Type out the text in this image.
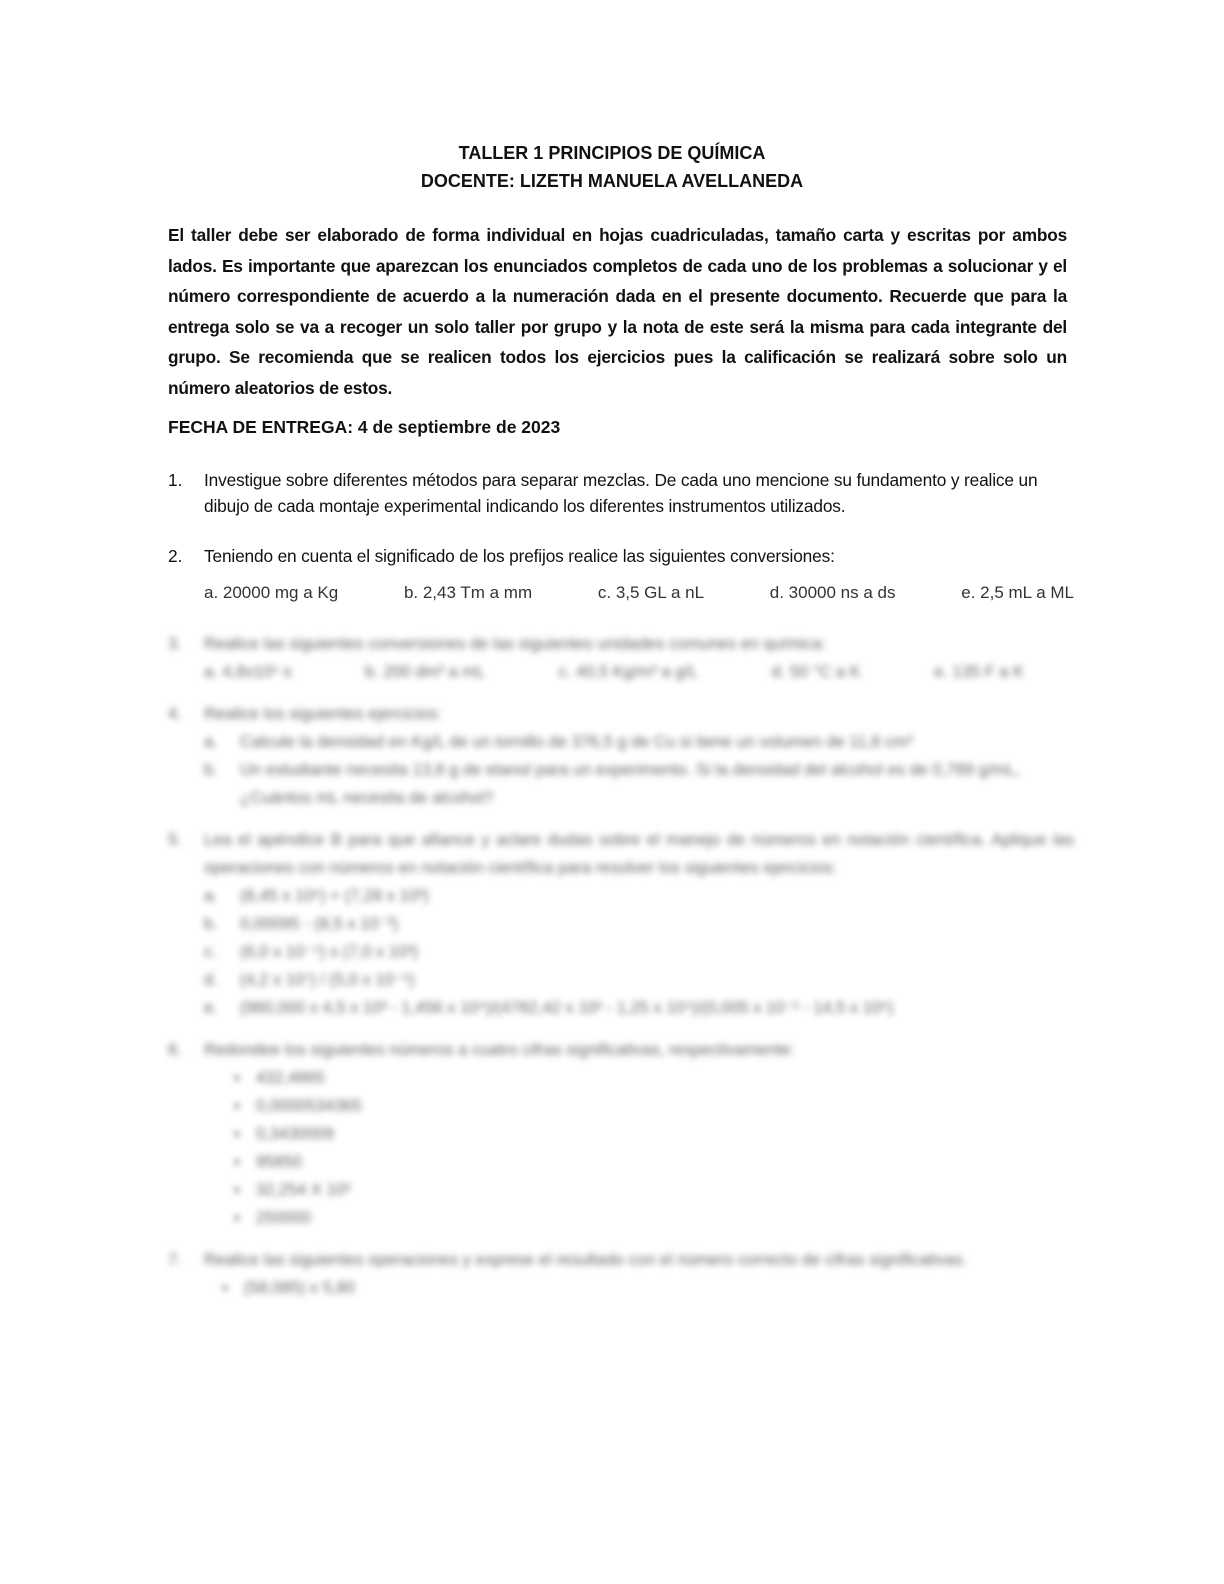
TALLER 1 PRINCIPIOS DE QUÍMICA
DOCENTE: LIZETH MANUELA AVELLANEDA

El taller debe ser elaborado de forma individual en hojas cuadriculadas, tamaño carta y escritas por ambos lados. Es importante que aparezcan los enunciados completos de cada uno de los problemas a solucionar y el número correspondiente de acuerdo a la numeración dada en el presente documento. Recuerde que para la entrega solo se va a recoger un solo taller por grupo y la nota de este será la misma para cada integrante del grupo. Se recomienda que se realicen todos los ejercicios pues la calificación se realizará sobre solo un número aleatorios de estos.

FECHA DE ENTREGA: 4 de septiembre de 2023
1. Investigue sobre diferentes métodos para separar mezclas. De cada uno mencione su fundamento y realice un dibujo de cada montaje experimental indicando los diferentes instrumentos utilizados.
2. Teniendo en cuenta el significado de los prefijos realice las siguientes conversiones:
a. 20000 mg a Kg	b. 2,43 Tm a mm	c. 3,5 GL a nL	d. 30000 ns a ds	e. 2,5 mL a ML
3. Realice las siguientes conversiones de las siguientes unidades comunes en química:
a. 4,8x10⁵ s	b. 200 dm³ a mL	c. 40,5 Kg/m³ a g/L	d. 50 °C a K	e. 135 F a K
4. Realice los siguientes ejercicios:
a. Calcule la densidad en Kg/L de un tornillo de 376,5 g de Cu si tiene un volumen de 11,8 cm³
b. Un estudiante necesita 13,8 g de etanol para un experimento. Si la densidad del alcohol es de 0,789 g/mL, ¿Cuántos mL necesita de alcohol?
5. Lea el apéndice B para que afiance y aclare dudas sobre el manejo de números en notación científica. Aplique las operaciones con números en notación científica para resolver los siguientes ejercicios:
a. (8,45 x 10⁵) + (7,28 x 10³)
b. 0,00095 - (8,5 x 10⁻³)
c. (6,0 x 10⁻⁴) x (7,0 x 10³)
d. (4,2 x 10⁷) / (5,0 x 10⁻⁵)
e. (980,000 x 4,5 x 10³ - 1,456 x 10⁴)/(4782,42 x 10² - 1,25 x 10⁴)/(0,005 x 10⁻² - 14,5 x 10⁶)
6. Redondee los siguientes números a cuatro cifras significativas, respectivamente:
▪ 432,4865
▪ 0,0000534365
▪ 0,3430009
▪ 95850
▪ 32,254 X 10³
▪ 250000
7. Realice las siguientes operaciones y exprese el resultado con el número correcto de cifras significativas.
▪ (58,085) x 5,80
